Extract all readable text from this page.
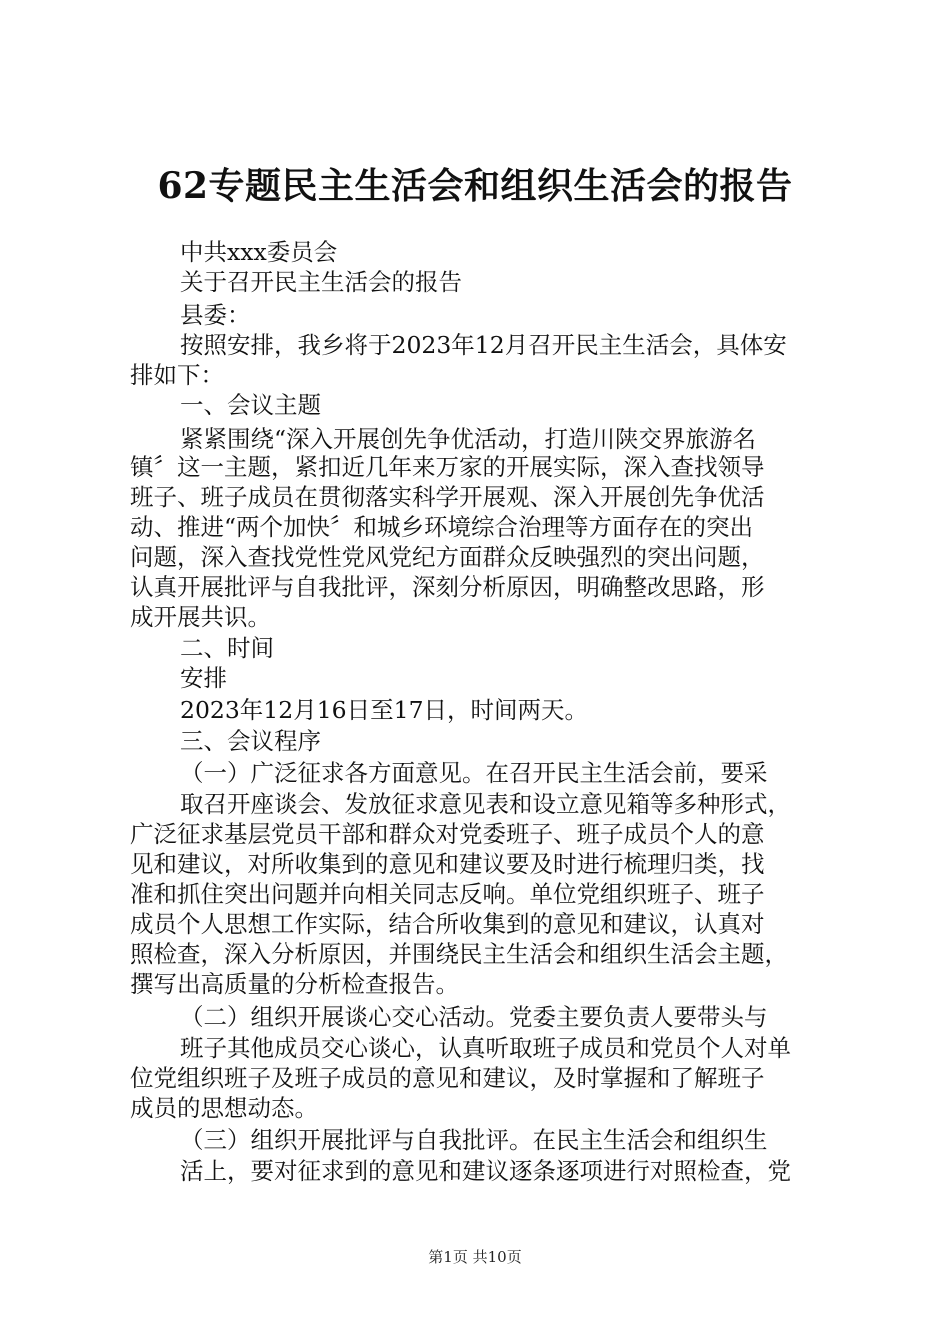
62专题民主生活会和组织生活会的报告
中共xxx委员会
关于召开民主生活会的报告
县委：
按照安排，我乡将于2023年12月召开民主生活会，具体安
排如下：
一、会议主题
紧紧围绕“深入开展创先争优活动，打造川陕交界旅游名
镇〞这一主题，紧扣近几年来万家的开展实际，深入查找领导
班子、班子成员在贯彻落实科学开展观、深入开展创先争优活
动、推进“两个加快〞和城乡环境综合治理等方面存在的突出
问题，深入查找党性党风党纪方面群众反映强烈的突出问题，
认真开展批评与自我批评，深刻分析原因，明确整改思路，形
成开展共识。
二、时间
安排
2023年12月16日至17日，时间两天。
三、会议程序
（一）广泛征求各方面意见。在召开民主生活会前，要采
取召开座谈会、发放征求意见表和设立意见箱等多种形式，
广泛征求基层党员干部和群众对党委班子、班子成员个人的意
见和建议，对所收集到的意见和建议要及时进行梳理归类，找
准和抓住突出问题并向相关同志反响。单位党组织班子、班子
成员个人思想工作实际，结合所收集到的意见和建议，认真对
照检查，深入分析原因，并围绕民主生活会和组织生活会主题，
撰写出高质量的分析检查报告。
（二）组织开展谈心交心活动。党委主要负责人要带头与
班子其他成员交心谈心，认真听取班子成员和党员个人对单
位党组织班子及班子成员的意见和建议，及时掌握和了解班子
成员的思想动态。
（三）组织开展批评与自我批评。在民主生活会和组织生
活上，要对征求到的意见和建议逐条逐项进行对照检查，党
第1页 共10页
